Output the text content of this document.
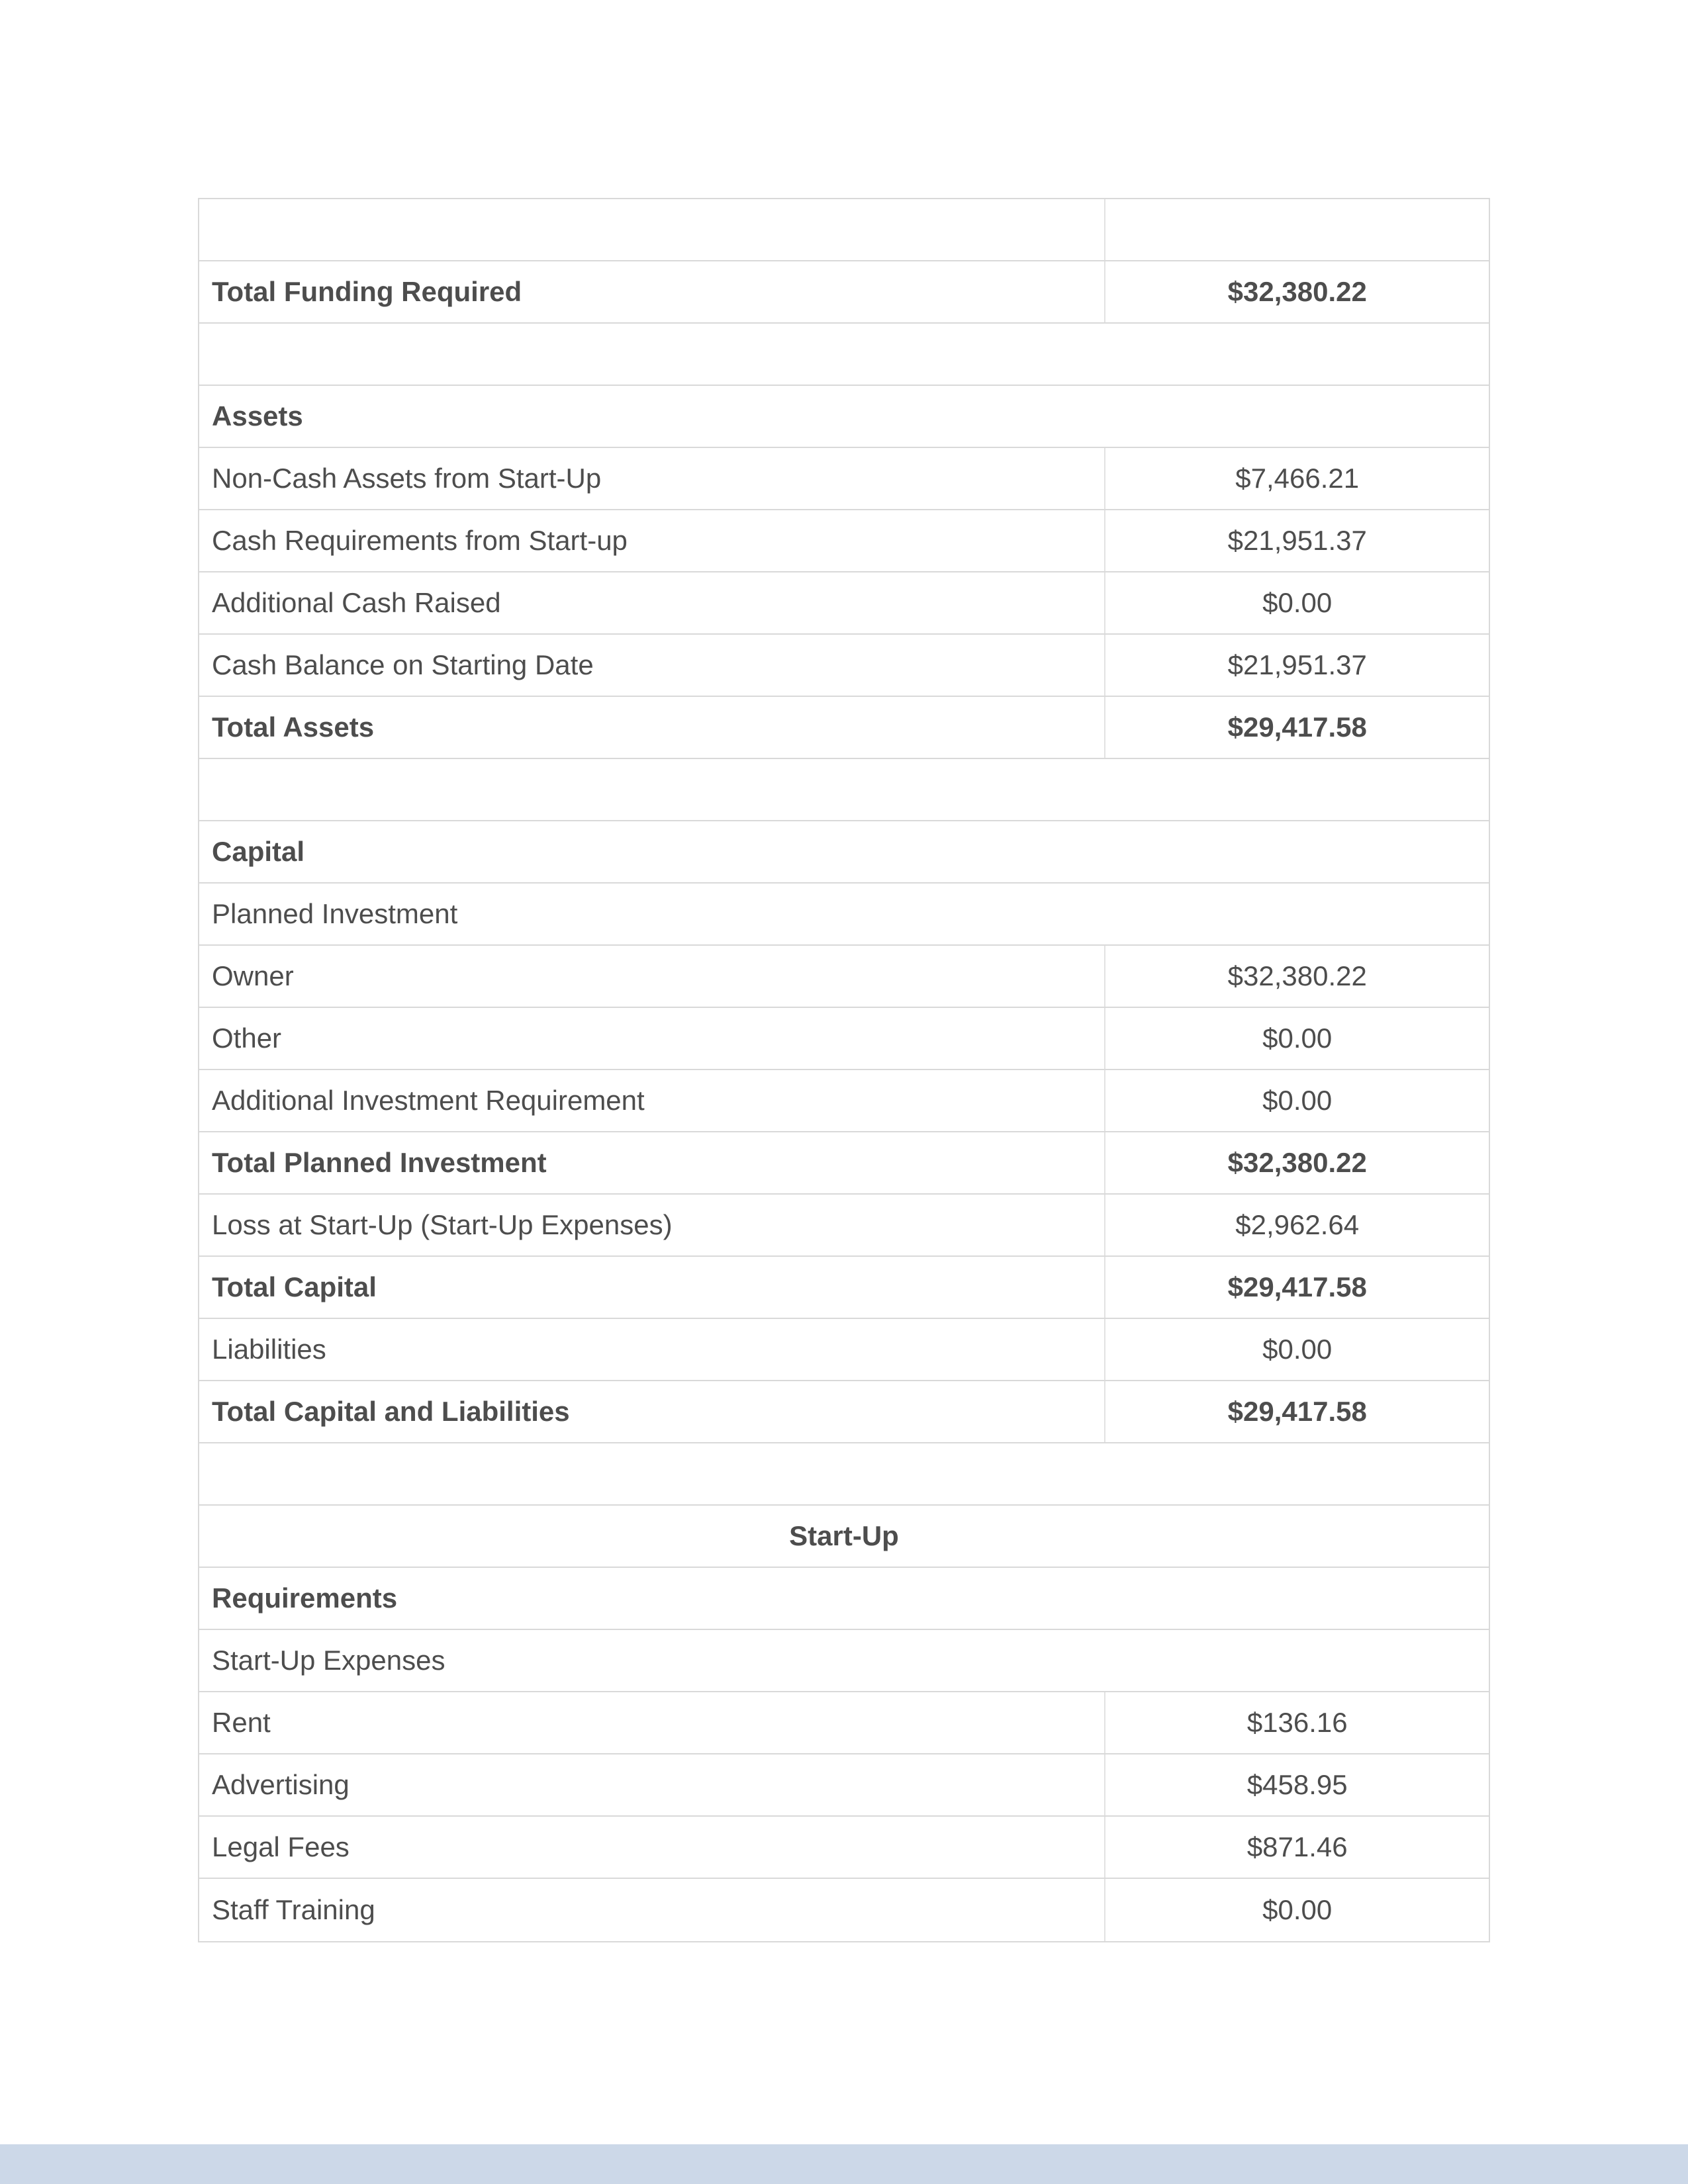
Total Funding Required	$32,380.22
Assets
Non-Cash Assets from Start-Up	$7,466.21
Cash Requirements from Start-up	$21,951.37
Additional Cash Raised	$0.00
Cash Balance on Starting Date	$21,951.37
Total Assets	$29,417.58
Capital
Planned Investment
Owner	$32,380.22
Other	$0.00
Additional Investment Requirement	$0.00
Total Planned Investment	$32,380.22
Loss at Start-Up (Start-Up Expenses)	$2,962.64
Total Capital	$29,417.58
Liabilities	$0.00
Total Capital and Liabilities	$29,417.58
Start-Up
Requirements
Start-Up Expenses
Rent	$136.16
Advertising	$458.95
Legal Fees	$871.46
Staff Training	$0.00
